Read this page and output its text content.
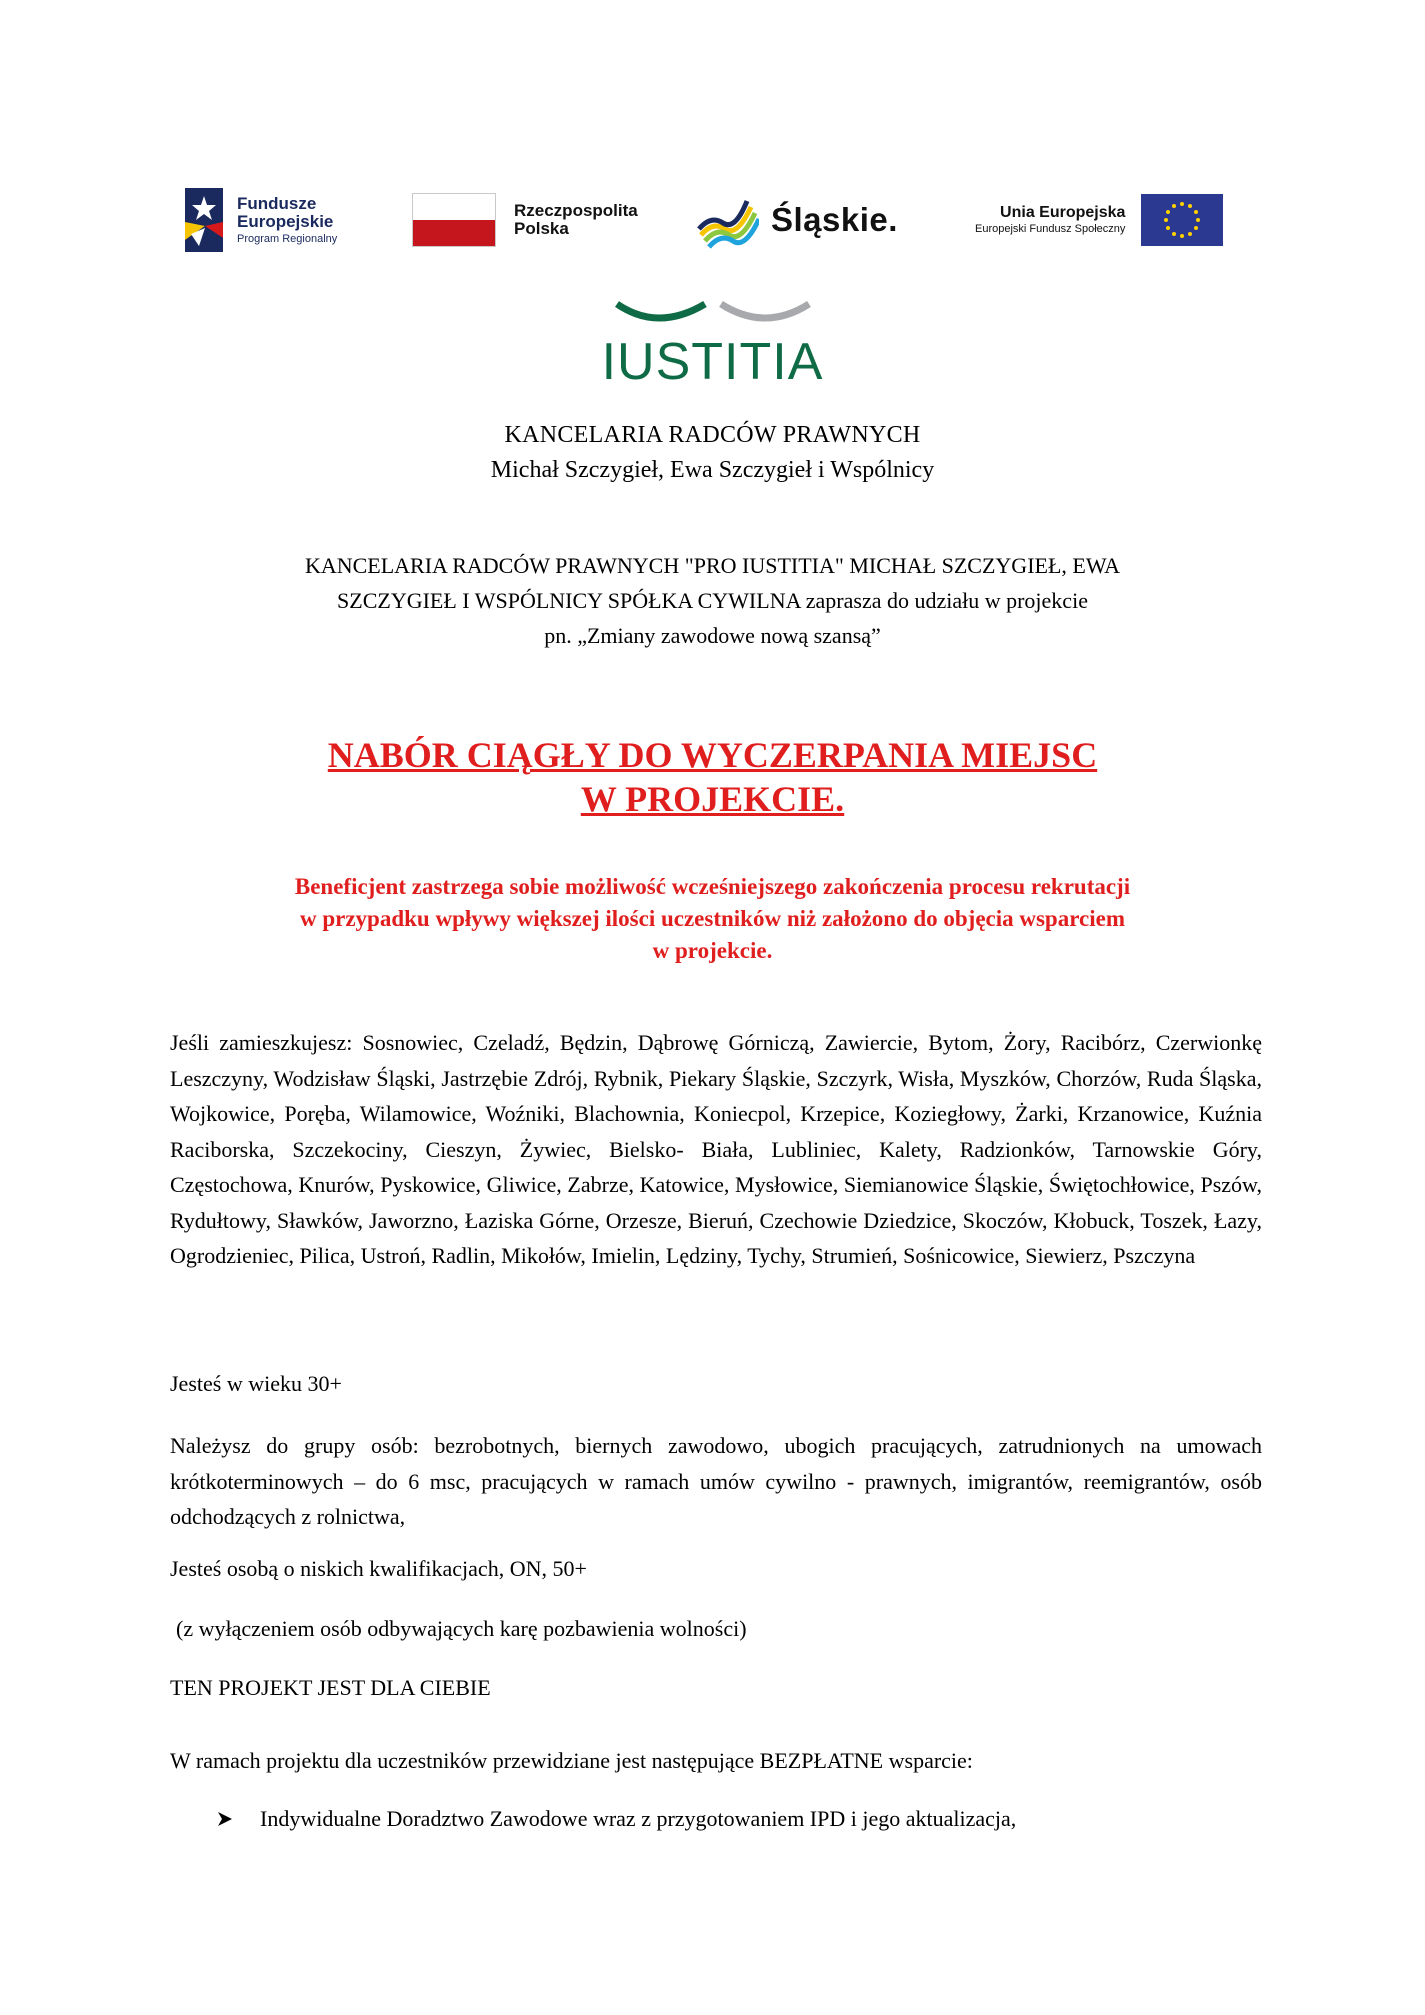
Fundusze
Europejskie
Program Regionalny
Rzeczpospolita
Polska	Śląskie.	Unia Europejska
Europejski Fundusz Społeczny
IUSTITIA
KANCELARIA RADCÓW PRAWNYCH
Michał Szczygieł, Ewa Szczygieł i Wspólnicy
KANCELARIA RADCÓW PRAWNYCH "PRO IUSTITIA" MICHAŁ SZCZYGIEŁ, EWA
SZCZYGIEŁ I WSPÓLNICY SPÓŁKA CYWILNA zaprasza do udziału w projekcie
pn. „Zmiany zawodowe nową szansą”
NABÓR CIĄGŁY DO WYCZERPANIA MIEJSC
W PROJEKCIE.
Beneficjent zastrzega sobie możliwość wcześniejszego zakończenia procesu rekrutacji
w przypadku wpływy większej ilości uczestników niż założono do objęcia wsparciem
w projekcie.
Jeśli zamieszkujesz: Sosnowiec, Czeladź, Będzin, Dąbrowę Górniczą, Zawiercie, Bytom, Żory, Racibórz, Czerwionkę Leszczyny, Wodzisław Śląski, Jastrzębie Zdrój, Rybnik, Piekary Śląskie, Szczyrk, Wisła, Myszków, Chorzów, Ruda Śląska, Wojkowice, Poręba, Wilamowice, Woźniki, Blachownia, Koniecpol, Krzepice, Koziegłowy, Żarki, Krzanowice, Kuźnia Raciborska, Szczekociny, Cieszyn, Żywiec, Bielsko- Biała, Lubliniec, Kalety, Radzionków, Tarnowskie Góry, Częstochowa, Knurów, Pyskowice, Gliwice, Zabrze, Katowice, Mysłowice, Siemianowice Śląskie, Świętochłowice, Pszów, Rydułtowy, Sławków, Jaworzno, Łaziska Górne, Orzesze, Bieruń, Czechowie Dziedzice, Skoczów, Kłobuck, Toszek, Łazy, Ogrodzieniec, Pilica, Ustroń, Radlin, Mikołów, Imielin, Lędziny, Tychy, Strumień, Sośnicowice, Siewierz, Pszczyna
Jesteś w wieku 30+
Należysz do grupy osób: bezrobotnych, biernych zawodowo, ubogich pracujących, zatrudnionych na umowach krótkoterminowych – do 6 msc, pracujących w ramach umów cywilno - prawnych, imigrantów, reemigrantów, osób odchodzących z rolnictwa,
Jesteś osobą o niskich kwalifikacjach, ON, 50+
(z wyłączeniem osób odbywających karę pozbawienia wolności)
TEN PROJEKT JEST DLA CIEBIE
W ramach projektu dla uczestników przewidziane jest następujące BEZPŁATNE wsparcie:
Indywidualne Doradztwo Zawodowe wraz z przygotowaniem IPD i jego aktualizacja,
